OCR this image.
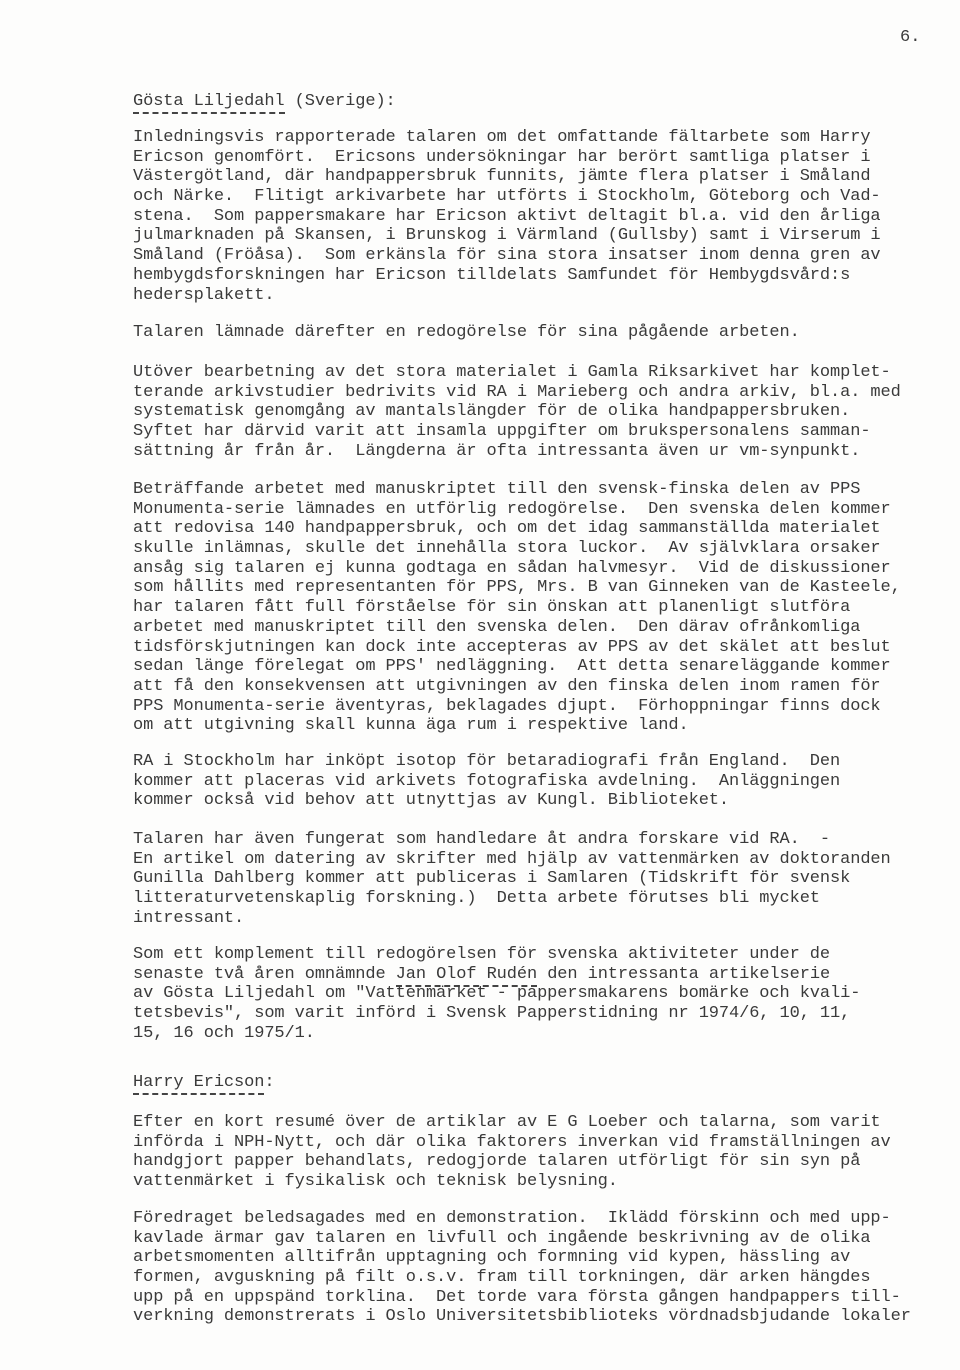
6.
Gösta Liljedahl (Sverige):
Inledningsvis rapporterade talaren om det omfattande fältarbete som Harry
Ericson genomfört.  Ericsons undersökningar har berört samtliga platser i
Västergötland, där handpappersbruk funnits, jämte flera platser i Småland
och Närke.  Flitigt arkivarbete har utförts i Stockholm, Göteborg och Vad-
stena.  Som pappersmakare har Ericson aktivt deltagit bl.a. vid den årliga
julmarknaden på Skansen, i Brunskog i Värmland (Gullsby) samt i Virserum i
Småland (Fröåsa).  Som erkänsla för sina stora insatser inom denna gren av
hembygdsforskningen har Ericson tilldelats Samfundet för Hembygdsvård:s
hedersplakett.
Talaren lämnade därefter en redogörelse för sina pågående arbeten.
Utöver bearbetning av det stora materialet i Gamla Riksarkivet har komplet-
terande arkivstudier bedrivits vid RA i Marieberg och andra arkiv, bl.a. med
systematisk genomgång av mantalslängder för de olika handpappersbruken.
Syftet har därvid varit att insamla uppgifter om brukspersonalens samman-
sättning år från år.  Längderna är ofta intressanta även ur vm-synpunkt.
Beträffande arbetet med manuskriptet till den svensk-finska delen av PPS
Monumenta-serie lämnades en utförlig redogörelse.  Den svenska delen kommer
att redovisa 140 handpappersbruk, och om det idag sammanställda materialet
skulle inlämnas, skulle det innehålla stora luckor.  Av självklara orsaker
ansåg sig talaren ej kunna godtaga en sådan halvmesyr.  Vid de diskussioner
som hållits med representanten för PPS, Mrs. B van Ginneken van de Kasteele,
har talaren fått full förståelse för sin önskan att planenligt slutföra
arbetet med manuskriptet till den svenska delen.  Den därav ofrånkomliga
tidsförskjutningen kan dock inte accepteras av PPS av det skälet att beslut
sedan länge förelegat om PPS' nedläggning.  Att detta senareläggande kommer
att få den konsekvensen att utgivningen av den finska delen inom ramen för
PPS Monumenta-serie äventyras, beklagades djupt.  Förhoppningar finns dock
om att utgivning skall kunna äga rum i respektive land.
RA i Stockholm har inköpt isotop för betaradiografi från England.  Den
kommer att placeras vid arkivets fotografiska avdelning.  Anläggningen
kommer också vid behov att utnyttjas av Kungl. Biblioteket.
Talaren har även fungerat som handledare åt andra forskare vid RA.  -
En artikel om datering av skrifter med hjälp av vattenmärken av doktoranden
Gunilla Dahlberg kommer att publiceras i Samlaren (Tidskrift för svensk
litteraturvetenskaplig forskning.)  Detta arbete förutses bli mycket
intressant.
Som ett komplement till redogörelsen för svenska aktiviteter under de
senaste två åren omnämnde Jan Olof Rudén den intressanta artikelserie
av Gösta Liljedahl om "Vattenmärket - pappersmakarens bomärke och kvali-
tetsbevis", som varit införd i Svensk Papperstidning nr 1974/6, 10, 11,
15, 16 och 1975/1.
Harry Ericson:
Efter en kort resumé över de artiklar av E G Loeber och talarna, som varit
införda i NPH-Nytt, och där olika faktorers inverkan vid framställningen av
handgjort papper behandlats, redogjorde talaren utförligt för sin syn på
vattenmärket i fysikalisk och teknisk belysning.
Föredraget beledsagades med en demonstration.  Iklädd förskinn och med upp-
kavlade ärmar gav talaren en livfull och ingående beskrivning av de olika
arbetsmomenten alltifrån upptagning och formning vid kypen, hässling av
formen, avguskning på filt o.s.v. fram till torkningen, där arken hängdes
upp på en uppspänd torklina.  Det torde vara första gången handpappers till-
verkning demonstrerats i Oslo Universitetsbiblioteks vördnadsbjudande lokaler
